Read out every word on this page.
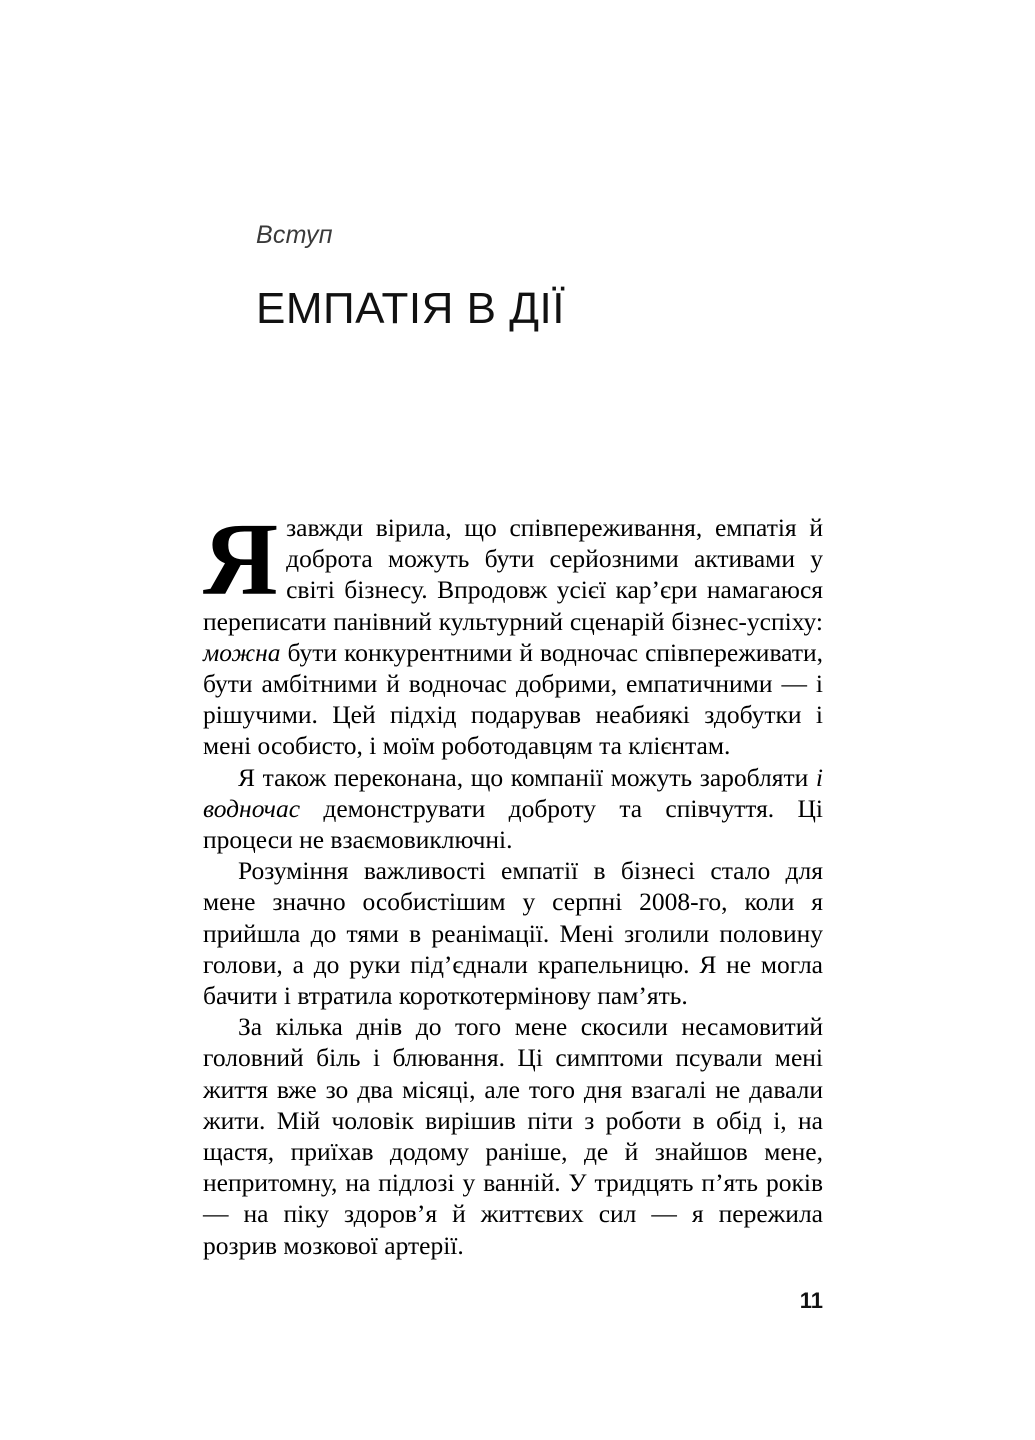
Вступ

ЕМПАТІЯ В ДІЇ

Я завжди вірила, що співпереживання, емпатія й доброта можуть бути серйозними активами у світі бізнесу. Впродовж усієї кар’єри намагаюся переписати панівний культурний сценарій бізнес-успіху: можна бути конкурентними й водночас співпереживати, бути амбітними й водночас добрими, емпатичними — і рішучими. Цей підхід подарував неабиякі здобутки і мені особисто, і моїм роботодавцям та клієнтам.

Я також переконана, що компанії можуть заробляти і водночас демонструвати доброту та співчуття. Ці процеси не взаємовиключні.

Розуміння важливості емпатії в бізнесі стало для мене значно особистішим у серпні 2008-го, коли я прийшла до тями в реанімації. Мені зголили половину голови, а до руки під’єднали крапельницю. Я не могла бачити і втратила короткотермінову пам’ять.

За кілька днів до того мене скосили несамовитий головний біль і блювання. Ці симптоми псували мені життя вже зо два місяці, але того дня взагалі не давали жити. Мій чоловік вирішив піти з роботи в обід і, на щастя, приїхав додому раніше, де й знайшов мене, непритомну, на підлозі у ванній. У тридцять п’ять років — на піку здоров’я й життєвих сил — я пережила розрив мозкової артерії.

11
